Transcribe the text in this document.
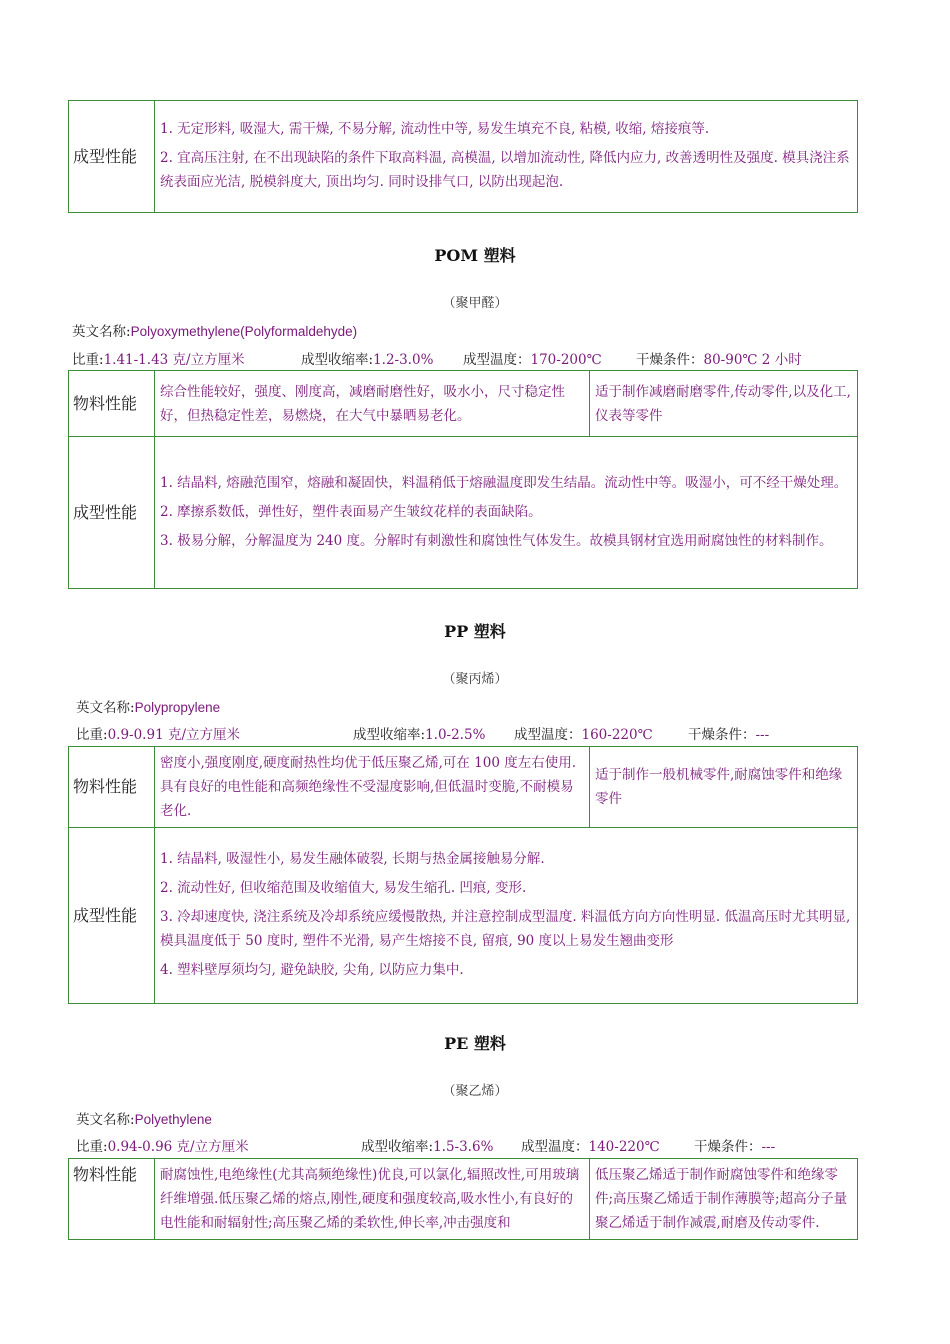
成型性能	

1. 无定形料, 吸湿大, 需干燥, 不易分解, 流动性中等, 易发生填充不良, 粘模, 收缩, 熔接痕等.

2. 宜高压注射, 在不出现缺陷的条件下取高料温, 高模温, 以增加流动性, 降低内应力, 改善透明性及强度. 模具浇注系统表面应光洁, 脱模斜度大, 顶出均匀. 同时设排气口, 以防出现起泡.

POM 塑料
（聚甲醛）
英文名称:Polyoxymethylene(Polyformaldehyde)
比重:1.41-1.43 克/立方厘米	成型收缩率:1.2-3.0% 成型温度：170-200℃	干燥条件：80-90℃ 2 小时
物料性能	综合性能较好，强度、刚度高，减磨耐磨性好，吸水小，尺寸稳定性好，但热稳定性差，易燃烧，在大气中暴晒易老化。	适于制作减磨耐磨零件,传动零件,以及化工,仪表等零件
成型性能	1. 结晶料, 熔融范围窄，熔融和凝固快，料温稍低于熔融温度即发生结晶。流动性中等。吸湿小，可不经干燥处理。

2. 摩擦系数低，弹性好，塑件表面易产生皱纹花样的表面缺陷。

3. 极易分解，分解温度为 240 度。分解时有刺激性和腐蚀性气体发生。故模具钢材宜选用耐腐蚀性的材料制作。	

PP 塑料
（聚丙烯）
英文名称:Polypropylene
比重:0.9-0.91 克/立方厘米	成型收缩率:1.0-2.5% 成型温度：160-220℃	干燥条件：---
物料性能	密度小,强度刚度,硬度耐热性均优于低压聚乙烯,可在 100 度左右使用.具有良好的电性能和高频绝缘性不受湿度影响,但低温时变脆,不耐模易老化.	适于制作一般机械零件,耐腐蚀零件和绝缘零件
成型性能	1. 结晶料, 吸湿性小, 易发生融体破裂, 长期与热金属接触易分解.

2. 流动性好, 但收缩范围及收缩值大, 易发生缩孔. 凹痕, 变形.

3. 冷却速度快, 浇注系统及冷却系统应缓慢散热, 并注意控制成型温度. 料温低方向方向性明显. 低温高压时尤其明显, 模具温度低于 50 度时, 塑件不光滑, 易产生熔接不良, 留痕, 90 度以上易发生翘曲变形

4. 塑料壁厚须均匀, 避免缺胶, 尖角, 以防应力集中.	

PE 塑料
（聚乙烯）
英文名称:Polyethylene
比重:0.94-0.96 克/立方厘米	成型收缩率:1.5-3.6% 成型温度：140-220℃	干燥条件：---
物料性能	耐腐蚀性,电绝缘性(尤其高频绝缘性)优良,可以氯化,辐照改性,可用玻璃纤维增强.低压聚乙烯的熔点,刚性,硬度和强度较高,吸水性小,有良好的电性能和耐辐射性;高压聚乙烯的柔软性,伸长率,冲击强度和	低压聚乙烯适于制作耐腐蚀零件和绝缘零件;高压聚乙烯适于制作薄膜等;超高分子量聚乙烯适于制作减震,耐磨及传动零件.
